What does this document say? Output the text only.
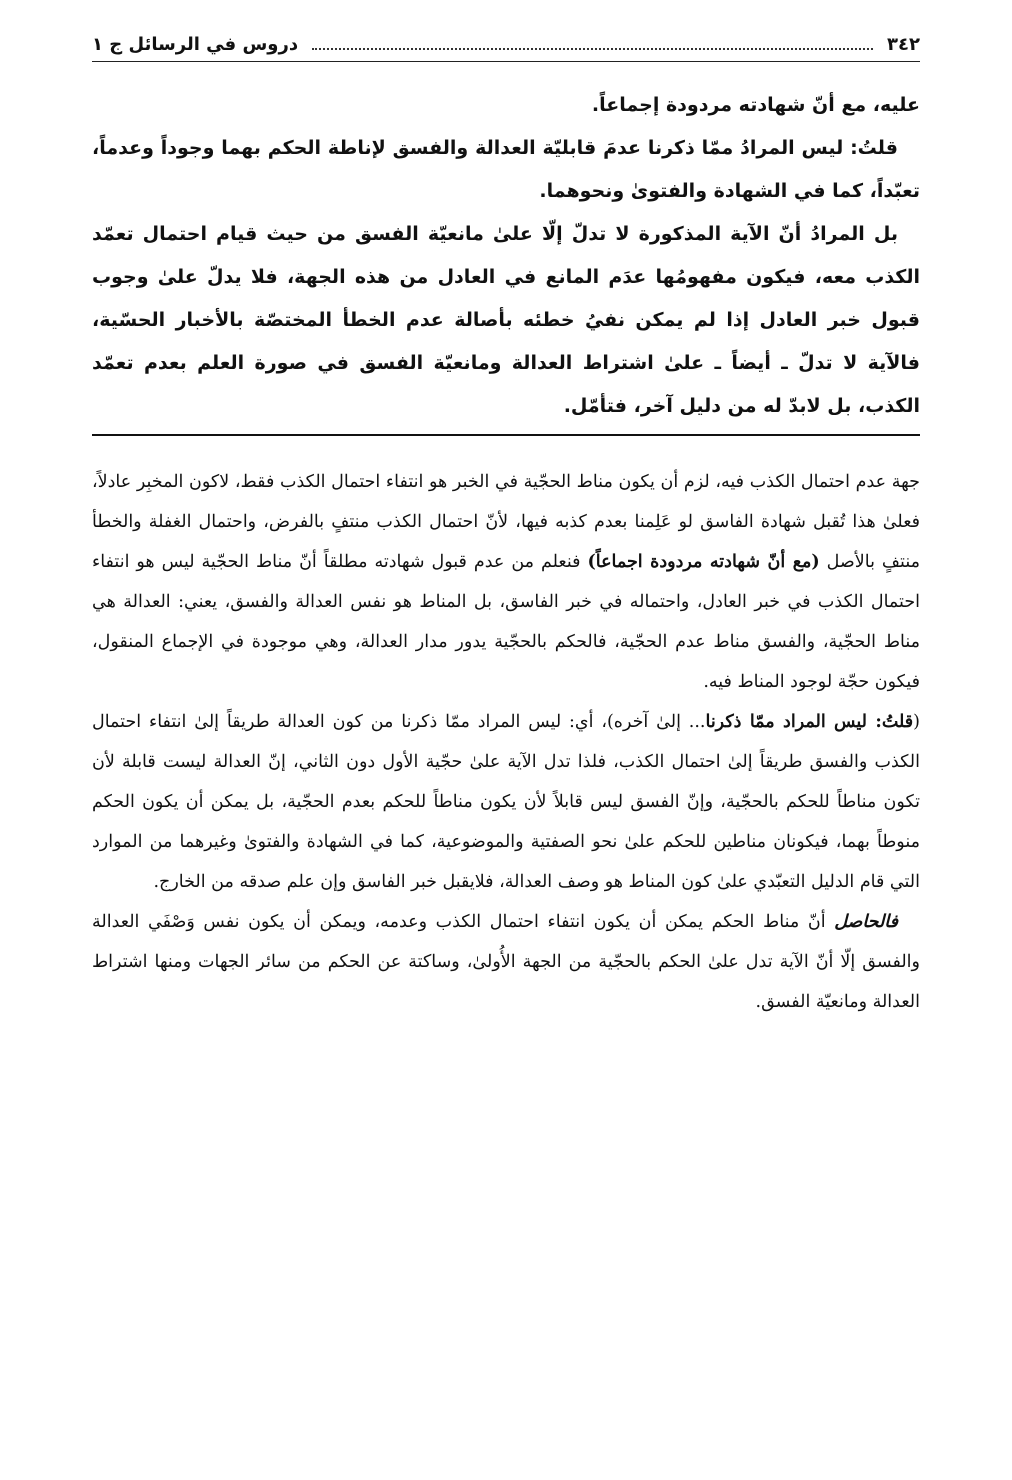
٣٤٢
دروس في الرسائل ج ١

عليه، مع أنّ شهادته مردودة إجماعاً.

قلتُ: ليس المرادُ ممّا ذكرنا عدمَ قابليّة العدالة والفسق لإناطة الحكم بهما وجوداً وعدماً، تعبّداً، كما في الشهادة والفتوىٰ ونحوهما.

بل المرادُ أنّ الآية المذكورة لا تدلّ إلّا علىٰ مانعيّة الفسق من حيث قيام احتمال تعمّد الكذب معه، فيكون مفهومُها عدَم المانع في العادل من هذه الجهة، فلا يدلّ علىٰ وجوب قبول خبر العادل إذا لم يمكن نفيُ خطئه بأصالة عدم الخطأ المختصّة بالأخبار الحسّية، فالآية لا تدلّ ـ أيضاً ـ علىٰ اشتراط العدالة ومانعيّة الفسق في صورة العلم بعدم تعمّد الكذب، بل لابدّ له من دليل آخر، فتأمّل.

جهة عدم احتمال الكذب فيه، لزم أن يكون مناط الحجّية في الخبر هو انتفاء احتمال الكذب فقط، لاكون المخبِر عادلاً، فعلىٰ هذا تُقبل شهادة الفاسق لو عَلِمنا بعدم كذبه فيها، لأنّ احتمال الكذب منتفٍ بالفرض، واحتمال الغفلة والخطأ منتفٍ بالأصل (مع أنّ شهادته مردودة اجماعاً) فنعلم من عدم قبول شهادته مطلقاً أنّ مناط الحجّية ليس هو انتفاء احتمال الكذب في خبر العادل، واحتماله في خبر الفاسق، بل المناط هو نفس العدالة والفسق، يعني: العدالة هي مناط الحجّية، والفسق مناط عدم الحجّية، فالحكم بالحجّية يدور مدار العدالة، وهي موجودة في الإجماع المنقول، فيكون حجّة لوجود المناط فيه.

(قلتُ: ليس المراد ممّا ذكرنا... إلىٰ آخره)، أي: ليس المراد ممّا ذكرنا من كون العدالة طريقاً إلىٰ انتفاء احتمال الكذب والفسق طريقاً إلىٰ احتمال الكذب، فلذا تدل الآية علىٰ حجّية الأول دون الثاني، إنّ العدالة ليست قابلة لأن تكون مناطاً للحكم بالحجّية، وإنّ الفسق ليس قابلاً لأن يكون مناطاً للحكم بعدم الحجّية، بل يمكن أن يكون الحكم منوطاً بهما، فيكونان مناطين للحكم علىٰ نحو الصفتية والموضوعية، كما في الشهادة والفتوىٰ وغيرهما من الموارد التي قام الدليل التعبّدي علىٰ كون المناط هو وصف العدالة، فلايقبل خبر الفاسق وإن علم صدقه من الخارج.

فالحاصل أنّ مناط الحكم يمكن أن يكون انتفاء احتمال الكذب وعدمه، ويمكن أن يكون نفس وَصْفَي العدالة والفسق إلّا أنّ الآية تدل علىٰ الحكم بالحجّية من الجهة الأُولىٰ، وساكتة عن الحكم من سائر الجهات ومنها اشتراط العدالة ومانعيّة الفسق.
